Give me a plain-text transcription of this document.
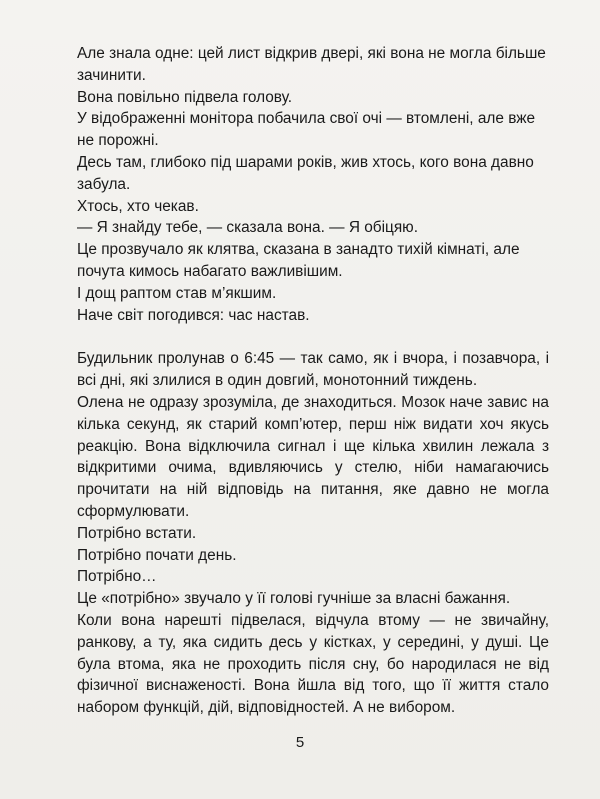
Але знала одне: цей лист відкрив двері, які вона не могла більше зачинити.

Вона повільно підвела голову.

У відображенні монітора побачила свої очі — втомлені, але вже не порожні.

Десь там, глибоко під шарами років, жив хтось, кого вона давно забула.

Хтось, хто чекав.

— Я знайду тебе, — сказала вона. — Я обіцяю.

Це прозвучало як клятва, сказана в занадто тихій кімнаті, але почута кимось набагато важливішим.

І дощ раптом став м’якшим.

Наче світ погодився: час настав.

Будильник пролунав о 6:45 — так само, як і вчора, і позавчора, і всі дні, які злилися в один довгий, монотонний тиждень.

Олена не одразу зрозуміла, де знаходиться. Мозок наче завис на кілька секунд, як старий комп’ютер, перш ніж видати хоч якусь реакцію. Вона відключила сигнал і ще кілька хвилин лежала з відкритими очима, вдивляючись у стелю, ніби намагаючись прочитати на ній відповідь на питання, яке давно не могла сформулювати.

Потрібно встати.

Потрібно почати день.

Потрібно…

Це «потрібно» звучало у її голові гучніше за власні бажання.

Коли вона нарешті підвелася, відчула втому — не звичайну, ранкову, а ту, яка сидить десь у кістках, у середині, у душі. Це була втома, яка не проходить після сну, бо народилася не від фізичної виснаженості. Вона йшла від того, що її життя стало набором функцій, дій, відповідностей. А не вибором.

5
